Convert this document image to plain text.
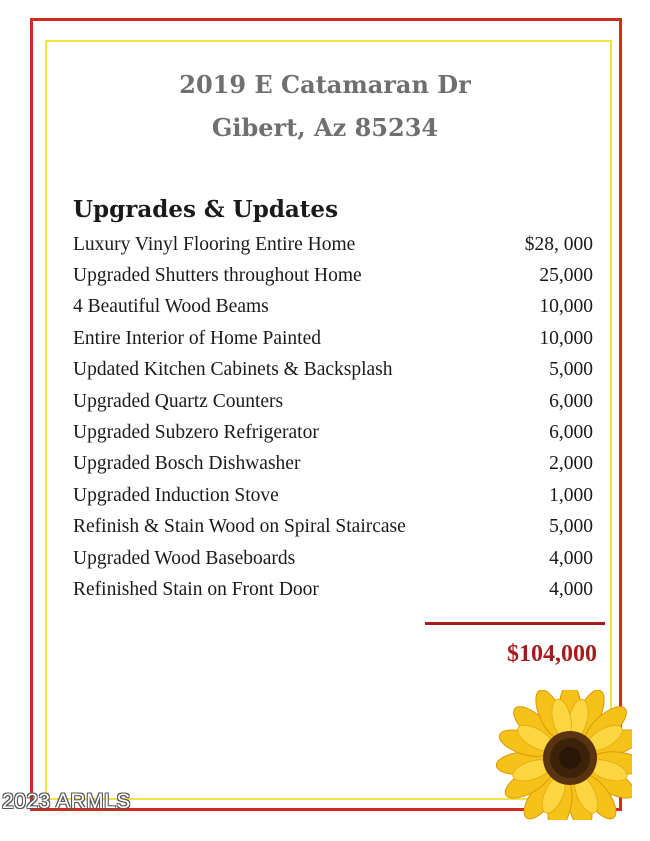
2019 E Catamaran Dr
Gibert, Az 85234
Upgrades & Updates
Luxury Vinyl Flooring Entire Home	$28, 000
Upgraded Shutters throughout Home	25,000
4 Beautiful Wood Beams	10,000
Entire Interior of Home Painted	10,000
Updated Kitchen Cabinets & Backsplash	5,000
Upgraded Quartz Counters	6,000
Upgraded Subzero Refrigerator	6,000
Upgraded Bosch Dishwasher	2,000
Upgraded Induction Stove	1,000
Refinish & Stain Wood on Spiral Staircase	5,000
Upgraded Wood Baseboards	4,000
Refinished Stain on Front Door	4,000
$104,000
2023 ARMLS
